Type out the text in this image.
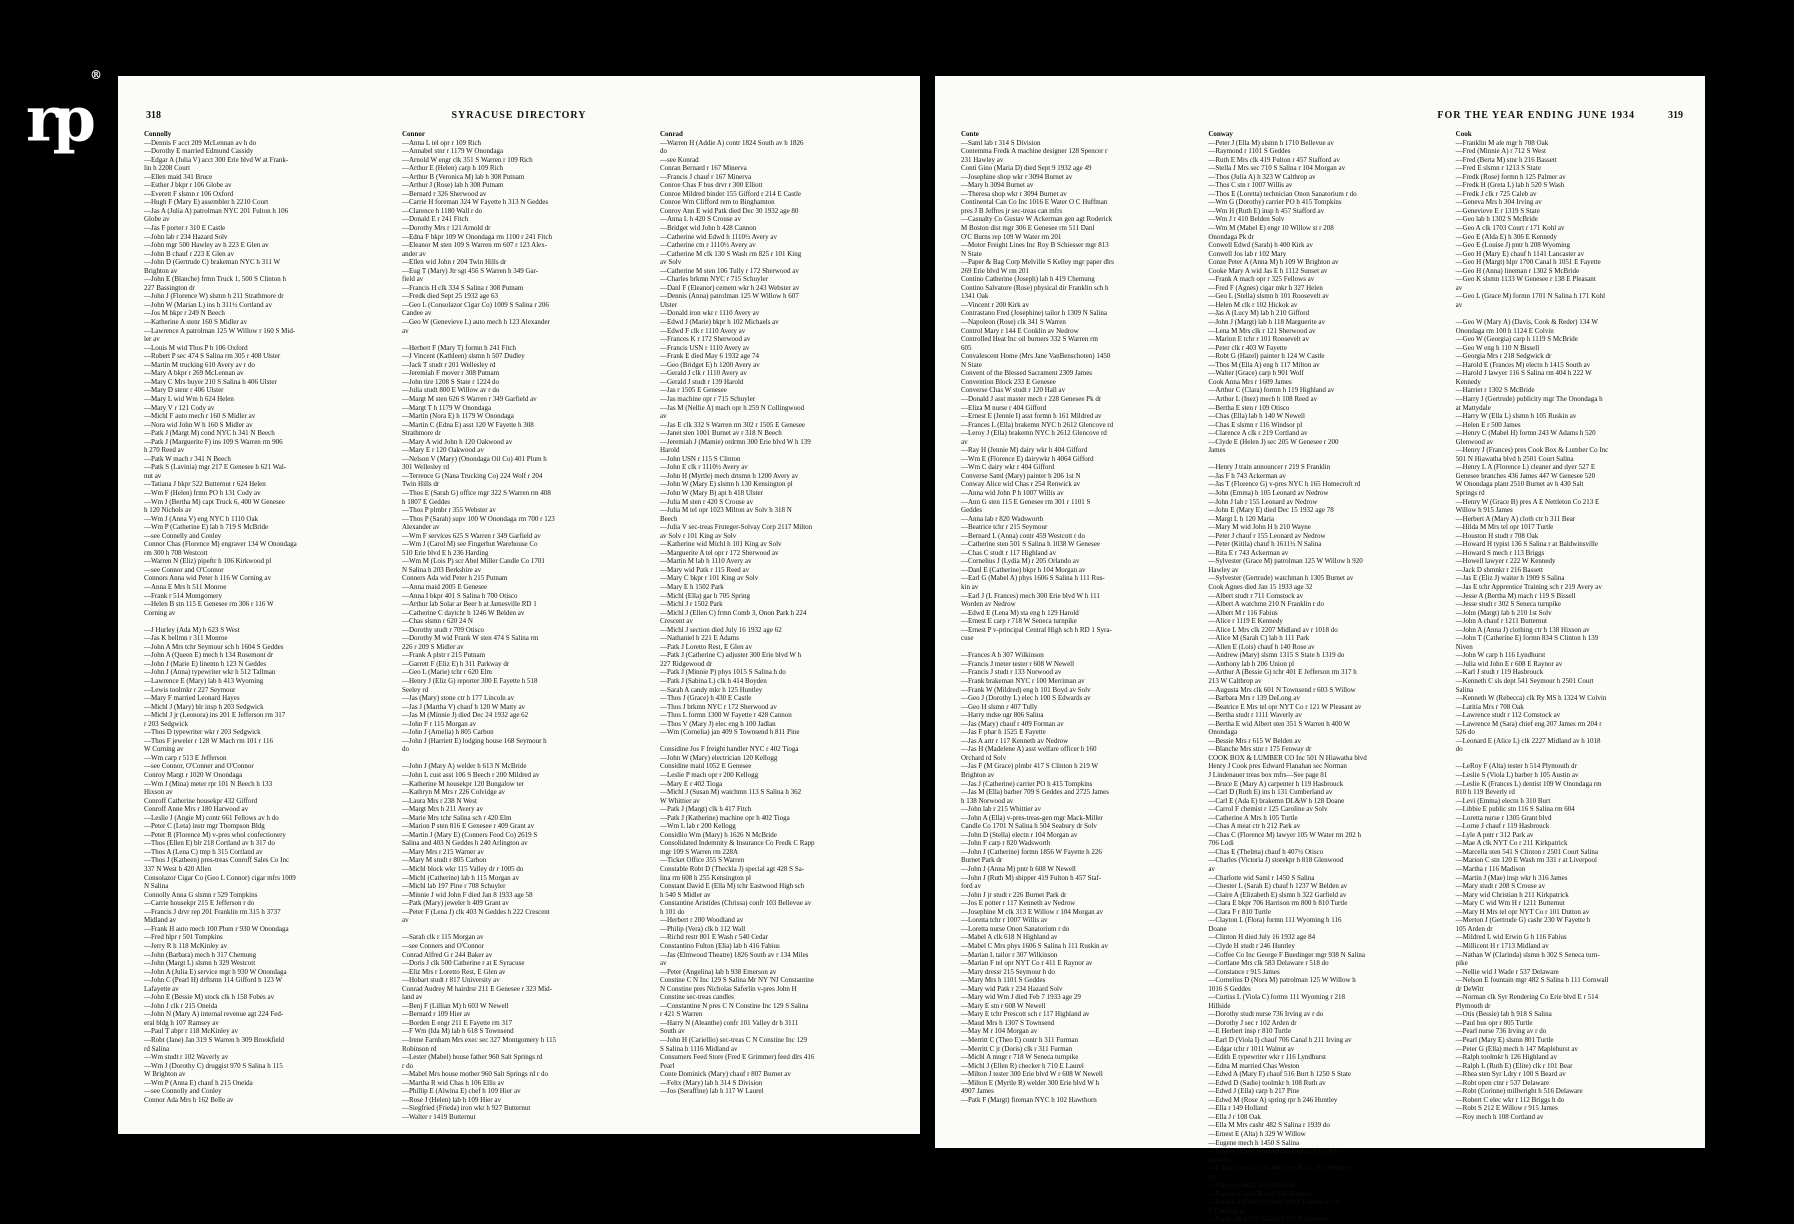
rp®
318	SYRACUSE DIRECTORY
Connolly
—Dennis F acct 209 McLennan av h do
—Dorothy E married Edmund Cassidy
—Edgar A (Julia V) acct 300 Erie blvd W at Frank-
lin h 2208 Court
—Ellen maid 341 Bruce
—Esther J bkpr r 106 Globe av
—Everett F slsmn r 106 Oxford
—Hugh F (Mary E) assembler h 2210 Court
—Jas A (Julia A) patrolman NYC 201 Fulton h 106
Globe av
—Jas F porter r 310 E Castle
—John lab r 234 Hazard Solv
—John mgr 500 Hawley av h 223 E Glen av
—John B chauf r 223 E Glen av
—John D (Gertrude C) brakeman NYC h 311 W
Brighton av
—John E (Blanche) frmn Truck 1, 500 S Clinton h
227 Bassington dr
—John J (Florence W) slsmn h 211 Strathmore dr
—John W (Marian L) ins h 311½ Cortland av
—Jos M bkpr r 249 N Beech
—Katherine A stenr 160 S Midler av
—Lawrence A patrolman 125 W Willow r 160 S Mid-
ler av
—Louis M wid Thos P h 106 Oxford
—Robert P sec 474 S Salina rm 305 r 408 Ulster
—Martin M trucking 610 Avery av r do
—Mary A bkpr r 269 McLennan av
—Mary C Mrs buyer 210 S Salina h 406 Ulster
—Mary D stenr r 406 Ulster
—Mary L wid Wm h 624 Helen
—Mary V r 121 Cody av
—Michl F auto mech r 160 S Midler av
—Nora wid John W h 160 S Midler av
—Patk J (Margt M) cond NYC h 341 N Beech
—Patk J (Marguerite F) ins 109 S Warren rm 906
h 270 Reed av
—Patk W mach r 341 N Beech
—Patk S (Lavinia) mgr 217 E Genesee h 621 Wal-
nut av
—Tatiana J bkpr 522 Butternut r 624 Helen
—Wm F (Helen) frmn PO h 131 Cody av
—Wm J (Bertha M) capt Truck 6, 400 W Genesee
h 120 Nichols av
—Wm J (Anna V) eng NYC h 1110 Oak
—Wm P (Catherine E) lab h 719 S McBride
—see Connelly and Conley
Connor Chas (Florence M) engraver 134 W Onondaga
rm 300 h 708 Westcott
—Warren N (Eliz) pipeftr h 106 Kirkwood pl
—see Connor and O'Connor
Connors Anna wid Peter h 116 W Corning av
—Anna E Mrs h 511 Monroe
—Frank r 514 Montgomery
—Helen B stn 115 E Genesee rm 306 r 116 W
Corning av
—J Hurley (Ada M) h 623 S West
—Jas K bellmn r 311 Monroe
—John A Mrs tchr Seymour sch h 1604 S Geddes
—John A (Queen E) mech h 134 Rosemont dr
—John J (Marie E) linemn h 123 N Geddes
—John J (Anna) typewriter wkr h 512 Tallman
—Lawrence E (Mary) lab h 413 Wyoming
—Lewis toolmkr r 227 Seymour
—Mary F married Leonard Hayes
—Michl J (Mary) blr insp h 203 Sedgwick
—Michl J jr (Leonora) ins 201 E Jefferson rm 317
r 203 Sedgwick
—Thos D typewriter wkr r 203 Sedgwick
—Thos F jeweler r 128 W Mach rm 101 r 116
W Corning av
—Wm carp r 513 E Jefferson
—see Connor, O'Conner and O'Connor
Conroy Margt r 1020 W Onondaga
—Wm J (Mina) meter rpr 101 N Beech h 133
Hixson av
Conroff Catherine housekpr 432 Gifford
Conroff Anne Mrs r 180 Harwood av
—Leslie J (Angie M) contr 661 Fellows av h do
—Peter C (Leta) instr mgr Thompson Bldg
—Peter R (Florence M) v-pres whol confectionery
—Thos (Ellen E) blr 218 Cortland av h 317 do
—Thos A (Lena C) tmp h 315 Cortland av
—Thos J (Katheen) pres-treas Conroff Sales Co Inc
337 N West h 420 Allen
Consolazor Cigar Co (Geo L Connor) cigar mfrs 1009
N Salina
Connolly Anna G slsmn r 529 Tompkins
—Carrie housekpr 215 E Jefferson r do
—Francis J drvr rep 201 Franklin rm 315 h 3737
Midland av
—Frank H auto mech 100 Plum r 930 W Onondaga
—Fred hlpr r 501 Tompkins
—Jerry R h 118 McKinley av
—John (Barbara) mech h 317 Chemung
—John (Margt L) slsmn h 329 Westcott
—John A (Julia E) service mgr h 930 W Onondaga
—John C (Pearl H) drftsmn 114 Gifford h 123 W
Lafayette av
—John E (Bessie M) stock clk h 158 Fobes av
—John J clk r 215 Oneida
—John N (Mary A) internal revenue agt 224 Fed-
eral bldg h 107 Ramsey av
—Paul T abpr r 118 McKinley av
—Robt (Jane) Jan 319 S Warren h 309 Brookfield
rd Salina
—Wm studt r 102 Waverly av
—Wm J (Dorothy C) druggist 970 S Salina h 115
W Brighton av
—Wm P (Anna E) chauf h 215 Oneida
—see Connolly and Conley
Connor Ada Mrs h 162 Belle av
Connor
—Anna L tel opr r 109 Rich
—Annabel stnr r 1179 W Onondaga
—Arnold W engr clk 351 S Warren r 109 Rich
—Arthur E (Helen) carp h 109 Rich
—Arthur B (Veronica M) lab h 308 Putnam
—Arthur J (Rose) lab h 308 Putnam
—Bernard r 326 Sherwood av
—Carrie H foreman 324 W Fayette h 313 N Geddes
—Clarence h 1180 Wall r do
—Donald E r 241 Fitch
—Dorothy Mrs r 121 Arnold dr
—Edna F bkpr 109 W Onondaga rm 1100 r 241 Fitch
—Eleanor M sten 109 S Warren rm 607 r 123 Alex-
ander av
—Ellen wid John r 204 Twin Hills dr
—Eug T (Mary) Jtr sgt 456 S Warren h 349 Gar-
field av
—Francis H clk 334 S Salina r 308 Putnam
—Fredk died Sept 25 1932 age 63
—Geo L (Consolazor Cigar Co) 1009 S Salina r 206
Candee av
—Geo W (Genevieve L) auto mech h 123 Alexander
av
—Herbert F (Mary T) formn h 241 Fitch
—J Vincent (Kathleen) slsmn h 507 Dudley
—Jack T studt r 201 Wellesley rd
—Jeremiah F mover r 308 Putnam
—John tire 1208 S State r 1224 do
—Julia studt 800 E Willow av r do
—Margt M sten 626 S Warren r 349 Garfield av
—Margt T h 1179 W Onondaga
—Martin (Nora E) h 1179 W Onondaga
—Martin C (Edna E) asst 120 W Fayette h 308
Strathmore dr
—Mary A wid John h 120 Oakwood av
—Mary E r 120 Oakwood av
—Nelson V (Mary) (Onondaga Oil Co) 401 Plum h
301 Wellesley rd
—Terrence G (Nana Trucking Co) 224 Wolf r 204
Twin Hills dr
—Thos E (Sarah G) office mgr 322 S Warren rm 408
h 1807 E Geddes
—Thos P plmbr r 355 Webster av
—Thos P (Sarah) supv 100 W Onondaga rm 700 r 123
Alexander av
—Wm F services 625 S Warren r 349 Garfield av
—Wm J (Carol M) see Fingerhut Warehouse Co
510 Erie blvd E h 236 Harding
—Wm M (Lois P) scr Abel Miller Candle Co 1701
N Salina h 203 Berkshire av
Conners Ada wid Peter h 215 Putnam
—Anna maid 2005 E Genesee
—Anna I bkpr 401 S Salina h 700 Otisco
—Arthur lab Solar ar Beer h at Jamesville RD 1
—Catherine C daytchr h 1246 W Belden av
—Chas slsmn r 620 24 N
—Dorothy studt r 709 Otisco
—Dorothy M wid Frank W sten 474 S Salina rm
226 r 209 S Midler av
—Frank A plstr r 215 Putnam
—Garrett F (Eliz E) h 311 Parkway dr
—Geo L (Marie) tchr r 620 Elm
—Henry J (Eliz G) reporter 300 E Fayette h 518
Seeley rd
—Jas (Mary) stone ctr h 177 Lincoln av
—Jas J (Martha V) chauf h 120 W Matty av
—Jas M (Minnie J) died Dec 24 1932 age 62
—John F r 115 Morgan av
—John J (Amelia) h 805 Carbon
—John J (Harriett E) lodging house 168 Seymour h
do
—John J (Mary A) welder h 613 N McBride
—John L cust asst 106 S Beech r 200 Mildred av
—Katherine M housekpr 120 Bungalow ter
—Kathryn M Mrs r 226 Colvidge av
—Laura Mrs r 238 N West
—Margt Mrs h 211 Avery av
—Marie Mrs tchr Salina sch r 420 Elm
—Marion P sten 816 E Genesee r 409 Grant av
—Martin J (Mary E) (Conners Food Co) 2619 S
Salina and 403 N Geddes h 240 Arlington av
—Mary Mrs r 215 Warner av
—Mary M studt r 805 Carbon
—Michl block wkr 115 Valley dr r 1005 do
—Michl (Catherine) lab h 115 Morgan av
—Michl lab 197 Pine r 708 Schuyler
—Minnie J wid John F died Jan 8 1933 age 58
—Patk (Mary) jeweler h 409 Grant av
—Peter F (Lena J) clk 403 N Geddes h 222 Crescent
av
—Sarah clk r 115 Morgan av
—see Conners and O'Connor
Conrad Alfred G r 244 Baker av
—Doris J clk 500 Catherine r at E Syracuse
—Eliz Mrs r Loretto Rest, E Glen av
—Hobart studt r 817 University av
Conrad Audrey M hairdrsr 211 E Genesee r 323 Mid-
land av
—Benj F (Lillian M) h 603 W Newell
—Bernard r 109 Hier av
—Borden E engr 211 E Fayette rm 317
—F Wm (Ida M) lab h 618 S Townsend
—Irene Farnham Mrs exec sec 327 Montgomery h 115
Robinson rd
—Lester (Mabel) house father 960 Salt Springs rd
r do
—Mabel Mrs house mother 960 Salt Springs rd r do
—Martha R wid Chas h 106 Ellis av
—Phillip E (Alwina E) chef h 109 Hier av
—Rose J (Helen) lab h 109 Hier av
—Siegfried (Frieda) iron wkr h 927 Butternut
—Walter r 1419 Butternut
Conrad
—Warren H (Addie A) contr 1824 South av h 1826
do
—see Konrad
Conran Bernard r 167 Minerva
—Francis J chauf r 167 Minerva
Conroe Chas F bus drvr r 300 Elliott
Conroe Mildred binder 155 Gifford r 214 E Castle
Conroe Wm Clifford rem to Binghamton
Conroy Ann E wid Patk died Dec 30 1932 age 80
—Anna L h 420 S Crouse av
—Bridget wid John h 428 Cannon
—Catherine wid Edwd h 1110½ Avery av
—Catherine ctn r 1110½ Avery av
—Catherine M clk 130 S Wash rm 825 r 101 King
av Solv
—Catherine M sten 106 Tully r 172 Sherwood av
—Charles brkmn NYC r 715 Schuyler
—Danl F (Eleanor) cement wkr h 243 Webster av
—Dennis (Anna) patrolman 125 W Willow h 607
Ulster
—Donald iron wkr r 1110 Avery av
—Edwd J (Marie) bkpr h 102 Michaels av
—Edwd F clk r 1110 Avery av
—Frances K r 172 Sherwood av
—Francis USN r 1110 Avery av
—Frank E died May 6 1932 age 74
—Geo (Bridget E) h 1200 Avery av
—Gerald J clk r 1110 Avery av
—Gerald J studt r 139 Harold
—Jas r 1505 E Genesee
—Jas machine opr r 715 Schuyler
—Jas M (Nellie A) mach opr h 259 N Collingwood
av
—Jas E clk 332 S Warren rm 302 r 1505 E Genesee
—Janet sten 1001 Burnet av r 318 N Beech
—Jeremiah J (Mamie) ordrmn 300 Erie blvd W h 139
Harold
—John USN r 115 S Clinton
—John E clk r 1110½ Avery av
—John H (Myrtle) mech drtsmn h 1200 Avery av
—John W (Mary E) slsmn h 130 Kensington pl
—John W (Mary B) apt h 418 Ulster
—Julia M sten r 420 S Crouse av
—Julia M tel opr 1023 Milton av Solv h 318 N
Beech
—Julia V sec-treas Fruteger-Solvay Corp 2117 Milton
av Solv r 101 King av Solv
—Katherine wid Michl h 101 King av Solv
—Marguerite A tel opr r 172 Sherwood av
—Martin M lab h 1110 Avery av
—Mary wid Patk r 115 Reed av
—Mary C bkpr r 101 King av Solv
—Mary E h 1502 Park
—Michl (Ella) gar h 705 Spring
—Michl J r 1502 Park
—Michl J (Ellen C) frmn Comb 3, Onon Park h 224
Crescent av
—Michl J section died July 16 1932 age 62
—Nathaniel h 221 E Adams
—Patk J Loretto Rest, E Glen av
—Patk J (Catherine C) adjuster 300 Erie blvd W h
227 Ridgewood dr
—Patk J (Minnie P) phys 1015 S Salina h do
—Patk J (Sabina L) clk h 414 Boyden
—Sarah A candy mkr h 125 Huntley
—Thos J (Grace) h 430 E Castle
—Thos J brkmn NYC r 172 Sherwood av
—Thos L formn 1300 W Fayette r 428 Cannon
—Thos V (Mary J) elec eng h 100 Jadlan
—Wm (Cornelia) jan 409 S Townsend h 811 Pine
Considine Jos F freight handler NYC r 402 Tioga
—John W (Mary) electrician 120 Kellogg
Considine maid 1052 E Genesee
—Leslie P mach opr r 200 Kellogg
—Mary E r 402 Tioga
—Michl J (Susan M) watchmn 113 S Salina h 362
W Whittier av
—Patk J (Margt) clk h 417 Fitch
—Patk J (Katherine) machine opr h 402 Tioga
—Wm L lab r 200 Kellogg
Considlio Wm (Mary) h 1626 N McBride
Consolidated Indemnity & Insurance Co Fredk C Rapp
mgr 109 S Warren rm 228A
—Ticket Office 355 S Warren
Constable Robt D (Theckla J) special agt 428 S Sa-
lina rm 608 h 255 Kensington pl
Constant David E (Ella M) tchr Eastwood High sch
h 540 S Midler av
Constantine Aristides (Chrissa) confr 103 Bellevue av
h 101 do
—Herbert r 200 Woodland av
—Philip (Vera) clk h 112 Wall
—Richd restr 801 E Wash r 540 Cedar
Constantino Fulton (Elia) lab h 416 Fabius
—Jas (Elmwood Theatre) 1826 South av r 134 Miles
av
—Peter (Angelina) lab h 938 Emerson av
Constine C N Inc 129 S Salina Mr NY 'NJ Constantine
N Constine pres Nicholas Saferlin v-pres John H
Constine sec-treas candles
—Constantine N pres C N Constine Inc 129 S Salina
r 421 S Warren
—Harry N (Aleanthe) confr 101 Valley dr h 3111
South av
—John H (Cariellio) sec-treas C N Constine Inc 129
S Salina h 1116 Midland av
Consumers Feed Store (Fred E Grimmer) feed dlrs 416
Pearl
Conte Dominick (Mary) chauf r 807 Burnet av
—Feltx (Mary) lab h 314 S Division
—Jos (Seraffine) lab h 117 W Laurel
FOR THE YEAR ENDING JUNE 1934	319
Conte
—Saml lab r 314 S Division
Contemma Fredk A machine designer 128 Spencer r
231 Hawley av
Conti Gino (Maria D) died Sept 9 1932 age 49
—Josephine shop wkr r 3094 Burnet av
—Mary h 3094 Burnet av
—Theresa shop wkr r 3094 Burnet av
Continental Can Co Inc 1016 E Water O C Huffman
pres J B Jeffres jr sec-treas can mfrs
—Casualty Co Gustav W Ackerman gen agt Roderick
M Boston dist mgr 306 E Genesee rm 511 Danl
O'C Burns rep 109 W Water rm 201
—Motor Freight Lines Inc Roy B Schiesser mgr 813
N State
—Paper & Bag Corp Melville S Kelley mgr paper dlrs
269 Erie blvd W rm 201
Contino Catherine (Joseph) lab h 419 Chemung
Contino Salvatore (Rose) physical dir Franklin sch h
1341 Oak
—Vincent r 200 Kirk av
Contrastano Fred (Josephine) tailor h 1309 N Salina
—Napoleon (Rose) clk 341 S Warren
Control Mary r 144 E Conklin av Nedrow
Controlled Heat Inc oil burners 332 S Warren rm
605
Convalescent Home (Mrs Jane VanBenschoten) 1450
N State
Convent of the Blessed Sacrament 2309 James
Convention Block 233 E Genesee
Converse Chas W studt r 120 Hall av
—Donald J asst master mech r 228 Genesee Pk dr
—Eliza M nurse r 404 Gifford
—Ernest E (Jennie I) asst formn h 161 Mildred av
—Frances L (Ella) brakemn NYC h 2612 Glencove rd
—Leroy J (Ella) brakemn NYC h 2612 Glencove rd
av
—Ray H (Jennie M) dairy wkr h 404 Gifford
—Wm E (Florence E) dairywkr h 4064 Gifford
—Wm C dairy wkr r 404 Gifford
Converse Saml (Mary) painter h 206 1st N
Conway Alice wid Chas r 254 Renwick av
—Anna wid John P h 1007 Willis av
—Ann G sten 115 E Genesee rm 301 r 1101 S
Geddes
—Anna lab r 820 Wadsworth
—Beatrice tchr r 215 Seymour
—Bernard L (Anna) contr 459 Westcott r do
—Catherine sten 501 S Salina h 1038 W Genesee
—Chas C studt r 117 Highland av
—Cornelius J (Lydia M) r 205 Orlando av
—Danl E (Catherine) bkpr h 104 Morgan av
—Earl G (Mabel A) phys 1606 S Salina h 111 Rus-
kin av
—Earl J (L Frances) mech 300 Erie blvd W h 111
Worden av Nedrow
—Edwd E (Lena M) sta eng h 129 Harold
—Ernest E carp r 718 W Seneca turnpike
—Ernest P v-principal Central High sch h RD 1 Syra-
cuse
—Frances A h 307 Wilkinson
—Francis J meter tester r 608 W Newell
—Francis J studt r 133 Norwood av
—Frank brakeman NYC r 100 Merriman av
—Frank W (Mildred) eng h 101 Boyd av Solv
—Geo J (Dorothy L) elec h 100 S Edwards av
—Geo H slsmn r 407 Tully
—Harry mdse ugr 806 Salina
—Jas (Mary) chauf r 409 Forman av
—Jas F phar h 1525 E Fayette
—Jas A artr r 117 Kenneth av Nedrow
—Jas H (Madelene A) asst welfare officer h 160
Orchard rd Solv
—Jas F (M Grace) plmbr 417 S Clinton h 219 W
Brighton av
—Jas J (Catherine) carrier PO h 415 Tompkins
—Jas M (Ella) barber 709 S Geddes and 2725 James
h 138 Norwood av
—John lab r 215 Whittier av
—John A (Ella) v-pres-treas-gen mgr Mack-Miller
Candle Co 1701 N Salina h 504 Seabury dr Solv
—John D (Stella) electn r 104 Morgan av
—John F carp r 820 Wadsworth
—John J (Catherine) formn 1856 W Fayette h 226
Burnet Park dr
—John J (Anna M) pntr h 608 W Newell
—John J (Ruth M) shipper 419 Fulton h 457 Staf-
ford av
—John J jr studt r 226 Burnet Park dr
—Jos E potter r 117 Kenneth av Nedrow
—Josephine M clk 313 E Willow r 104 Morgan av
—Loretta tchr r 1007 Willis av
—Loretta nurse Onon Sanatorium r do
—Mabel A clk 618 N Highland av
—Mabel C Mrs phys 1606 S Salina h 111 Ruskin av
—Marian L tailor r 307 Wilkinson
—Marian F tel opr NYT Co r 411 E Raynor av
—Mary dressr 215 Seymour h do
—Mary Mrs h 1101 S Geddes
—Mary wid Patk r 234 Hazard Solv
—Mary wid Wm J died Feb 7 1933 age 29
—Mary E stn r 608 W Newell
—Mary E tchr Prescott sch r 117 Highland av
—Maud Mrs h 1307 S Townsend
—May M r 104 Morgan av
—Merritt C (Theo E) contr h 311 Furman
—Merritt C jr (Doris) clk r 311 Furman
—Michl A mngr r 718 W Seneca turnpike
—Michl J (Ellen R) checker h 710 E Laurel
—Milton J tester 300 Erie blvd W r 608 W Newell
—Milton E (Myrtle R) welder 300 Erie blvd W h
4907 James
—Patk F (Margt) fireman NYC h 102 Hawthorn
Conway
—Peter J (Ella M) slsmn h 1710 Bellevue av
—Raymond r 1101 S Geddes
—Ruth E Mrs clk 419 Fulton r 457 Stafford av
—Stella J Mrs sec 710 S Salina r 104 Morgan av
—Thos (Julia A) h 323 W Calthrop av
—Thos C stn r 1007 Willis av
—Thos E (Loretta) technician Onon Sanatorium r do
—Wm G (Dorothy) carrier PO h 415 Tompkins
—Wm H (Ruth E) insp h 457 Stafford av
—Wm J r 410 Belden Solv
—Wm M (Mabel E) engr 10 Willow st r 208
Onondaga Pk dr
Conwell Edwd (Sarah) h 400 Kirk av
Conwell Jos lab r 102 Mary
Conze Peter A (Anna M) h 109 W Brighton av
Cooke Mary A wid Jas E h 1112 Sunset av
—Frank A mach opr r 325 Fellows av
—Fred F (Agnes) cigar mkr h 327 Helen
—Geo L (Stella) slsmn h 101 Roosevelt av
—Helen M clk r 102 Hickok av
—Jas A (Lucy M) lab h 210 Gifford
—John J (Margt) lab h 118 Marguerite av
—Lena M Mrs clk r 121 Sherwood av
—Marion E tchr r 101 Roosevelt av
—Peter clk r 403 W Fayette
—Robt G (Hazel) painter h 124 W Castle
—Thos M (Ella A) eng h 117 Milton av
—Walter (Grace) carp h 901 Wolf
Cook Anna Mrs r 1609 James
—Arthur C (Clara) formn h 119 Highland av
—Arthur L (Inez) mech h 108 Reed av
—Bertha E sten r 109 Otisco
—Chas (Ella) lab h 140 W Newell
—Chas E slsmn r 116 Windsor pl
—Clarence A clk r 219 Cortland av
—Clyde E (Helen J) sec 205 W Genesee r 200
James
—Henry J train announcer r 219 S Franklin
—Jas F h 743 Ackerman av
—Jas T (Florence G) v-pres NYC h 165 Homecroft rd
—John (Emma) h 105 Leonard av Nedrow
—John J lab r 155 Leonard av Nedrow
—John E (Mary E) died Dec 15 1932 age 78
—Margt L h 120 Maria
—Mary M wid John H h 210 Wayne
—Peter J chauf r 155 Leonard av Nedrow
—Peter (Kitila) chauf h 1611½ N Salina
—Rita E r 743 Ackerman av
—Sylvester (Grace M) patrolman 125 W Willow h 920
Hawley av
—Sylvester (Gertrude) watchman h 1305 Burnet av
Cook Agnes died Jan 15 1933 age 32
—Albert studt r 711 Comstock av
—Albert A watchmn 210 N Franklin r do
—Albert M r 116 Fabius
—Alice r 1119 E Kennedy
—Alice L Mrs clk 2207 Midland av r 1018 do
—Alice M (Sarah C) lab h 111 Park
—Allen E (Lois) chauf h 140 Rose av
—Andrew (Mary) slsmn 1315 S State h 1319 do
—Anthony lab h 206 Union pl
—Arthur A (Bessie G) tchr 401 E Jefferson rm 317 h
213 W Calthrop av
—Augusta Mrs clk 601 N Townsend r 603 S Willow
—Barbara Mrs r 139 DeLong av
—Beatrice E Mrs tel opr NYT Co r 121 W Pleasant av
—Bertha studt r 1111 Waverly av
—Bertha E wid Albert sten 351 S Warren h 400 W
Onondaga
—Bessie Mrs r 615 W Belden av
—Blanche Mrs stnr r 175 Fenway dr
COOK BOX & LUMBER CO Inc 501 N Hiawatha blvd
Henry J Cook pres Edward Flanahan sec Norman
J Lindenauer treas box mfrs—See page 81
—Bruce E (Mary A) carpenter h 119 Hasbrouck
—Carl D (Ruth E) ins h 131 Cumberland av
—Carl E (Ada E) brakemn DL&W h 128 Doane
—Carrol F chemist r 125 Caroline av Solv
—Catherine A Mrs h 105 Turtle
—Chas A meat ctr h 212 Park av
—Chas C (Florence M) lawyer 105 W Water rm 202 h
706 Lodi
—Chas E (Thelma) chauf h 407½ Otisco
—Charles (Victoria J) storekpr h 818 Glenwood
av
—Charlotte wid Saml r 1450 S Salina
—Chester L (Sarah E) chauf h 1237 W Belden av
—Claire A (Elizabeth E) slsmn h 322 Garfield av
—Clara E bkpr 706 Harrison rm 800 h 810 Turtle
—Clara F r 810 Turtle
—Clayton L (Flora) formn 111 Wyoming h 116
Doane
—Clinton H died July 16 1932 age 84
—Clyde H studt r 246 Huntley
—Coffee Co Inc George F Buedinger mgr 938 N Salina
—Cortlane Mrs clk 583 Delaware r 518 do
—Constance r 915 James
—Cornelius D (Nora M) patrolman 125 W Willow h
1016 S Geddes
—Curtiss L (Viola C) formn 111 Wyoming r 218
Hillside
—Dorothy studt nurse 736 Irving av r do
—Dorothy J sec r 102 Arden dr
—E Herbert insp r 810 Turtle
—Earl D (Viola I) chauf 706 Canal h 211 Irving av
—Edgar tchr r 1011 Walnut av
—Edith E typewriter wkr r 116 Lyndhurst
—Edna M married Chas Weston
—Edwd A (Mary F) chauf 516 Burt h 1250 S State
—Edwd D (Sadie) toolmkr h 108 Ruth av
—Edwd J (Ella) carp h 217 Pine
—Edwd M (Rose A) spring rpr h 246 Huntley
—Ella r 149 Holland
—Ella J r 108 Oak
—Ella M Mrs cashr 482 S Salina r 1939 do
—Ernest E (Alta) h 329 W Willow
—Eugene mech h 1450 S Salina
—Evelyn H tchr Nottingham High sch r at Fay-
etteville
—F Roy (Lena E) lab 400 City Hall r 205 Webster
av
—Frances studt r 102 Arden dr
—Frances C wid Robt r 516 Hudson
—Francis J (Helen L) pntr 300 E Fayette h 135
E Corning av
—Frank clk 477 S Salina h 107 E Kennedy
Cook
—Franklin M ale mgr h 708 Oak
—Fred (Minnie A) r 712 S West
—Fred (Berta M) stnr h 216 Bassett
—Fred E slsmn r 1213 S State
—Fredk (Rose) formn h 125 Palmer av
—Fredk H (Greta L) lab h 520 S Wash
—Fredk J clk r 725 Caleb av
—Geneva Mrs h 304 Irving av
—Genevieve E r 1319 S State
—Geo lab h 1302 S McBride
—Geo A clk 1703 Court r 171 Kohl av
—Geo E (Alda E) h 306 E Kennedy
—Geo E (Louise J) pntr h 208 Wyoming
—Geo H (Mary E) chauf h 1141 Lancaster av
—Geo H (Margt) hlpr 1700 Canal h 1051 E Fayette
—Geo H (Anna) lineman r 1302 S McBride
—Geo K slsmn 1133 W Genesee r 138 E Pleasant
av
—Geo L (Grace M) formn 1701 N Salina h 171 Kohl
av
—Geo W (Mary A) (Davis, Cook & Reder) 134 W
Onondaga rm 100 h 1124 E Colvin
—Geo W (Georgia) carp h 1119 S McBride
—Geo W eng h 110 N Bissell
—Georgia Mrs r 218 Sedgwick dr
—Harold E (Frances M) electn h 1415 South av
—Harold J lawyer 116 S Salina rm 404 h 222 W
Kennedy
—Harriet r 1302 S McBride
—Harry J (Gertrude) publicity mgr The Onondaga h
at Mattydale
—Harry W (Ella L) slsmn h 105 Ruskin av
—Helen E r 500 James
—Henry C (Mabel H) formn 243 W Adams h 520
Glenwood av
—Henry J (Frances) pres Cook Box & Lumber Co Inc
501 N Hiawatha blvd h 2501 Court Salina
—Henry L A (Florence L) cleaner and dyer 527 E
Genesee branches 436 James 447 W Genesee 520
W Onondaga plant 2510 Burnet av h 430 Salt
Springs rd
—Henry W (Grace B) pres A E Nettleton Co 213 E
Willow h 915 James
—Herbert A (Mary A) cloth ctr h 311 Bear
—Hilda M Mrs tel opr 1017 Turtle
—Houston H studt r 708 Oak
—Howard H typist 136 S Salina r at Baldwinsville
—Howard S mech r 113 Briggs
—Howell lawyer r 222 W Kennedy
—Jack D shmnkr r 216 Bassett
—Jas E (Eliz J) waiter h 1909 S Salina
—Jas E tchr Apprentice Training sch r 219 Avery av
—Jesse A (Bertha M) mach r 119 S Bissell
—Jesse studt r 302 S Seneca turnpike
—John (Margt) lab h 210 1st Solv
—John A chauf r 1211 Butternut
—John A (Anna J) clothing ctr h 138 Hixson av
—John T (Catherine E) formn 834 S Clinton h 139
Niven
—John W carp h 116 Lyndhurst
—Julia wid John E r 608 E Raynor av
—Karl J studt r 119 Hasbrouck
—Kenneth C sls dept 541 Seymour h 2501 Court
Salina
—Kenneth W (Rebecca) clk Ry MS h 1324 W Colvin
—Latitia Mrs r 708 Oak
—Lawrence studt r 112 Comstock av
—Lawrence M (Sara) chief eng 207 James rm 204 r
526 do
—Leonard E (Alice L) clk 2227 Midland av h 1018
do
—LeRoy F (Alta) tester h 514 Plymouth dr
—Leslie S (Viola L) barber h 105 Austin av
—Leslie K (Frances L) dentist 109 W Onondaga rm
810 h 119 Beverly rd
—Levi (Emma) electn h 310 Burt
—Libbie E public stn 116 S Salina rm 604
—Loretta nurse r 1305 Grant blvd
—Lorne J chauf r 119 Hasbrouck
—Lyle A pntr r 312 Park av
—Mae A clk NYT Co r 211 Kirkpatrick
—Marcella sten 541 S Clinton r 2501 Court Salina
—Marion C stn 120 E Wash rm 331 r at Liverpool
—Martha r 116 Madison
—Martin J (Mae) insp wkr h 316 James
—Mary studt r 208 S Crouse av
—Mary wid Christian h 211 Kirkpatrick
—Mary C wid Wm H r 1211 Butternut
—Mary H Mrs tel opr NYT Co r 101 Dutton av
—Merton J (Gertrude G) cashr 230 W Fayette h
105 Arden dr
—Mildred L wid Erwin G h 116 Fabius
—Millicent H r 1713 Midland av
—Nathan W (Clarinda) slsmn h 302 S Seneca turn-
pike
—Nellie wid J Wade r 537 Delaware
—Nelson E fountain mgr 482 S Salina h 111 Cornwall
dr DeWitt
—Norman clk Syr Rendering Co Erie blvd E r 514
Plymouth dr
—Otis (Bessie) lab h 918 S Salina
—Paul bus opr r 805 Turtle
—Pearl nurse 736 Irving av r do
—Pearl (Mary E) slsmn 801 Turtle
—Peter G (Ella) mech h 147 Maplehurst av
—Ralph toolmkr h 126 Highland av
—Ralph L (Ruth E) (Elite) clk r 101 Bear
—Rhea sten Syr Ldry r 100 S Beard av
—Robt open ctnr r 537 Delaware
—Robt (Corinne) millwright h 516 Delaware
—Robert C elec wkr r 112 Briggs h do
—Robt S 212 E Willow r 915 James
—Roy mech h 108 Cortland av
